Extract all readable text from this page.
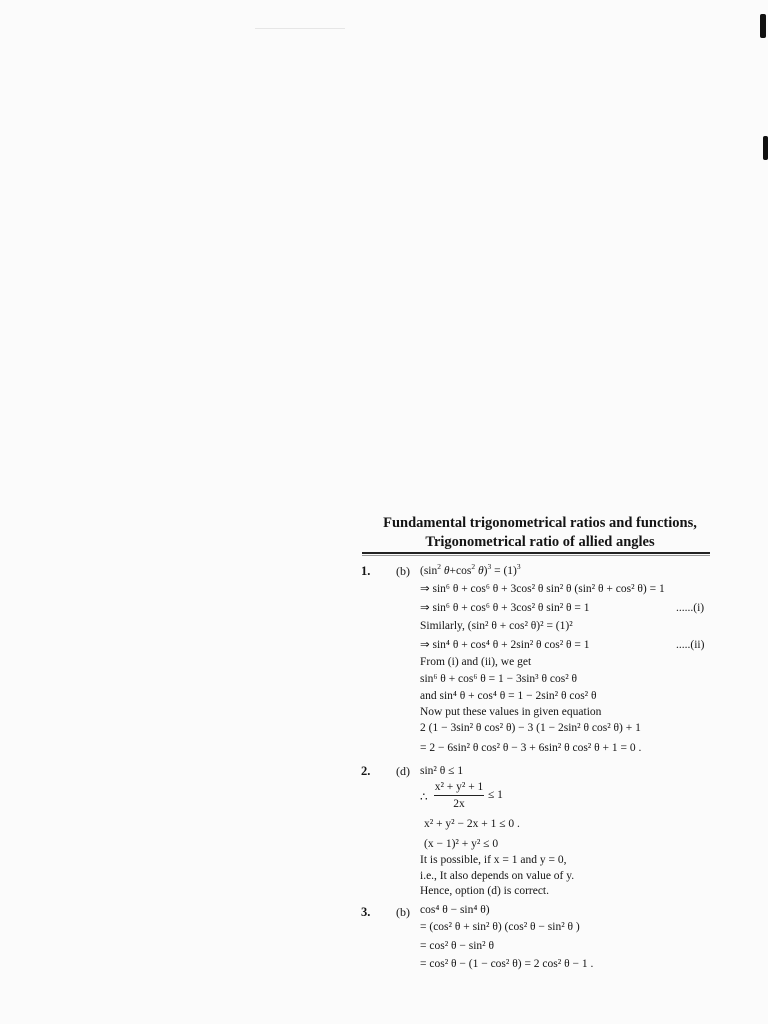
Fundamental trigonometrical ratios and functions,
Trigonometrical ratio of allied angles
1. (b) ($\sin^2$ $\theta+\cos^2$ $\theta)^3 = (1)^3$
⇒ sin⁶ θ + cos⁶ θ + 3cos² θ sin² θ (sin² θ + cos² θ) = 1
⇒ sin⁶ θ + cos⁶ θ + 3cos² θ sin² θ = 1	......(i)
Similarly, (sin² θ + cos² θ)² = (1)²
⇒ sin⁴ θ + cos⁴ θ + 2sin² θ cos² θ = 1	.....(ii)
From (i) and (ii), we get
sin⁶ θ + cos⁶ θ = 1 − 3sin³ θ cos² θ
and sin⁴ θ + cos⁴ θ = 1 − 2sin² θ cos² θ
Now put these values in given equation
2 (1 − 3sin² θ cos² θ) − 3 (1 − 2sin² θ cos² θ) + 1
= 2 − 6sin² θ cos² θ − 3 + 6sin² θ cos² θ + 1 = 0 .
2. (d) sin² θ ≤ 1
∴ $\frac{\text{x² + y² + 1}}{2x} \le 1$
x² + y² − 2x + 1 ≤ 0 .
(x − 1)² + y² ≤ 0
It is possible, if x = 1 and y = 0,
i.e., It also depends on value of y.
Hence, option (d) is correct.
3. (b) cos⁴ θ − sin⁴ θ)
= (cos² θ + sin² θ) (cos² θ − sin² θ )
= cos² θ − sin² θ
= cos² θ − (1 − cos² θ) = 2 cos² θ − 1 .
